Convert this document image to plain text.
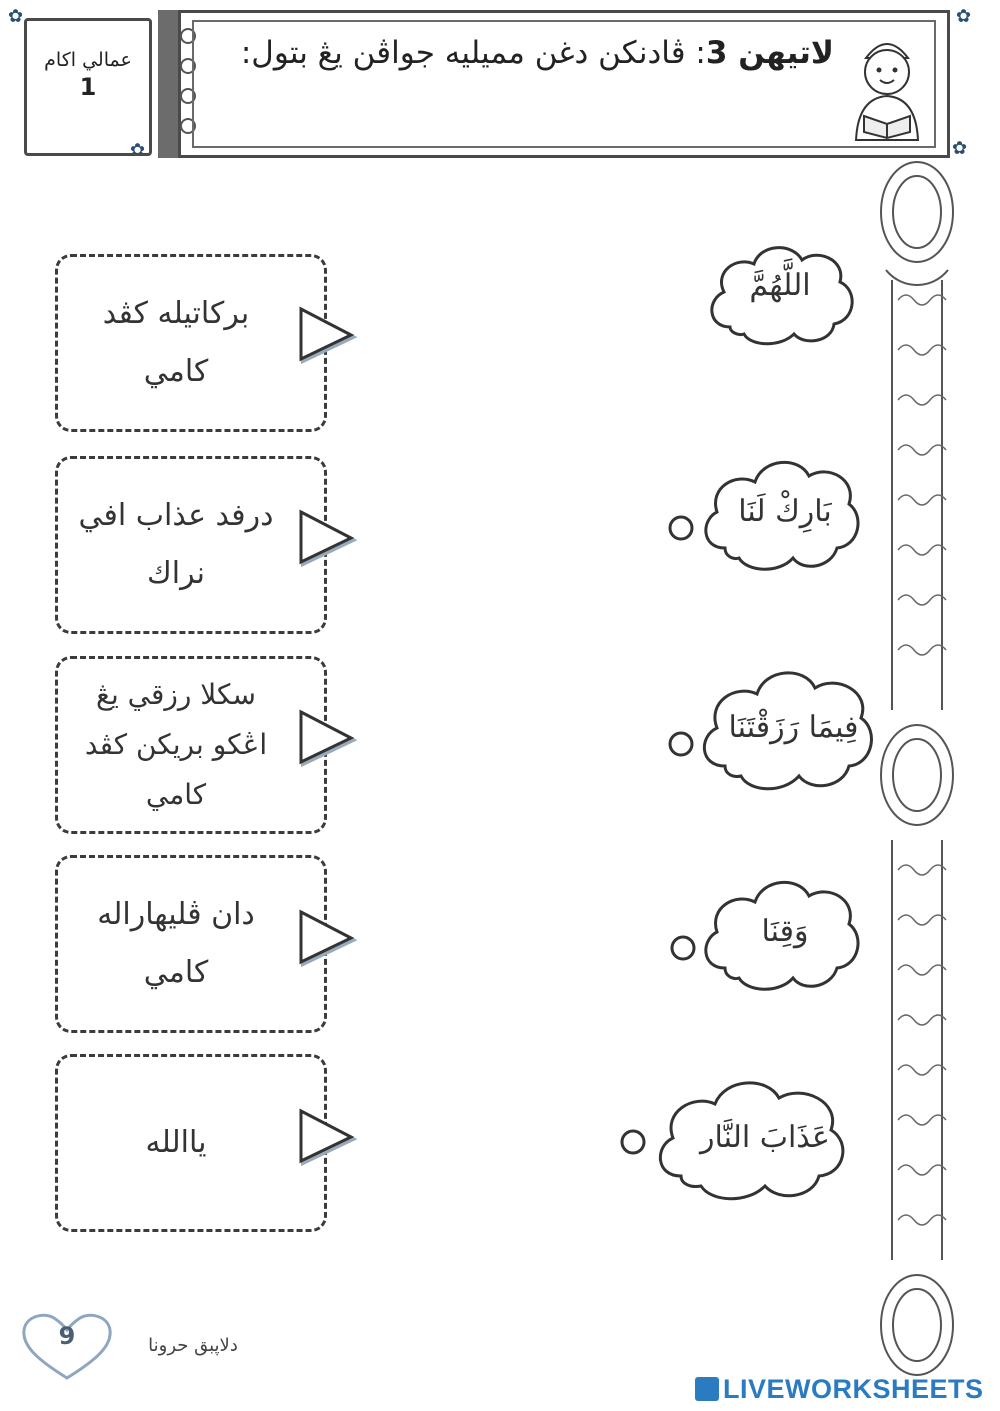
✿
✿
✿
✿
عمالي اكام
1
لاتيهن 3: ڤادنكن دغن مميليه جواڤن يڠ بتول:
بركاتيله كڤد كامي
درفد عذاب افي نراك
سکلا رزقي يڠ اڠکو بريکن کڤد کامي
دان ڤليهاراله كامي
ياالله
اللَّهُمَّ
بَارِكْ لَنَا
فِيمَا رَزَقْتَنَا
وَقِنَا
عَذَابَ النَّار
9	دلاپبق حرونا
LIVEWORKSHEETS
